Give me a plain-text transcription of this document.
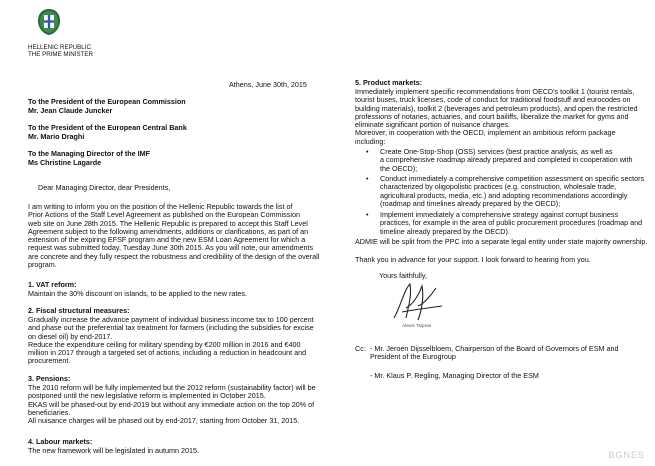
HELLENIC REPUBLIC
THE PRIME MINISTER
Athens, June 30th, 2015
To the President of the European Commission
Mr. Jean Claude Juncker
To the President of the European Central Bank
Mr. Mario Draghi
To the Managing Director of the IMF
Ms Christine Lagarde
Dear Managing Director, dear Presidents,
I am writing to inform you on the position of the Hellenic Republic towards the list of
Prior Actions of the Staff Level Agreement as published on the European Commission
web site on June 28th 2015. The Hellenic Republic is prepared to accept this Staff Level
Agreement subject to the following amendments, additions or clarifications, as part of an
extension of the expiring EFSF program and the new ESM Loan Agreement for which a
request was submitted today, Tuesday June 30th 2015. As you will note, our amendments
are concrete and they fully respect the robustness and credibility of the design of the overall
program.
1. VAT reform:
Maintain the 30% discount on islands, to be applied to the new rates.
2. Fiscal structural measures:
Gradually increase the advance payment of individual business income tax to 100 percent
and phase out the preferential tax treatment for farmers (including the subsidies for excise
on diesel oil) by end-2017.
Reduce the expenditure ceiling for military spending by €200 million in 2016 and €400
million in 2017 through a targeted set of actions, including a reduction in headcount and
procurement.
3. Pensions:
The 2010 reform will be fully implemented but the 2012 reform (sustainability factor) will be
postponed until the new legislative reform is implemented in October 2015.
EKAS will be phased-out by end-2019 but without any immediate action on the top 20% of
beneficiaries.
All nuisance charges will be phased out by end-2017, starting from October 31, 2015.
4. Labour markets:
The new framework will be legislated in autumn 2015.
5. Product markets:
Immediately implement specific recommendations from OECD's toolkit 1 (tourist rentals,
tourist buses, truck licenses, code of conduct for traditional foodstuff and eurocodes on
building materials), toolkit 2 (beverages and petroleum products), and open the restricted
professions of notaries, actuaries, and court bailiffs, liberalize the market for gyms and
eliminate significant portion of nuisance charges.
Moreover, in cooperation with the OECD, implement an ambitious reform package
including:
• Create One-Stop-Shop (OSS) services (best practice analysis, as well as
a comprehensive roadmap already prepared and completed in cooperation with
the OECD);
• Conduct immediately a comprehensive competition assessment on specific sectors
characterized by oligopolistic practices (e.g. construction, wholesale trade,
agricultural products, media, etc.) and adopting recommendations accordingly
(roadmap and timelines already prepared by the OECD);
• Implement immediately a comprehensive strategy against corrupt business
practices, for example in the area of public procurement procedures (roadmap and
timeline already prepared by the OECD).
ADMIE will be split from the PPC into a separate legal entity under state majority ownership.
Thank you in advance for your support. I look forward to hearing from you.
Yours faithfully,
Alexis Tsipras
Cc : - Mr. Jeroen Dijsselbloem, Chairperson of the Board of Governors of ESM and
President of the Eurogroup
- Mr. Klaus P. Regling, Managing Director of the ESM
BGNES
